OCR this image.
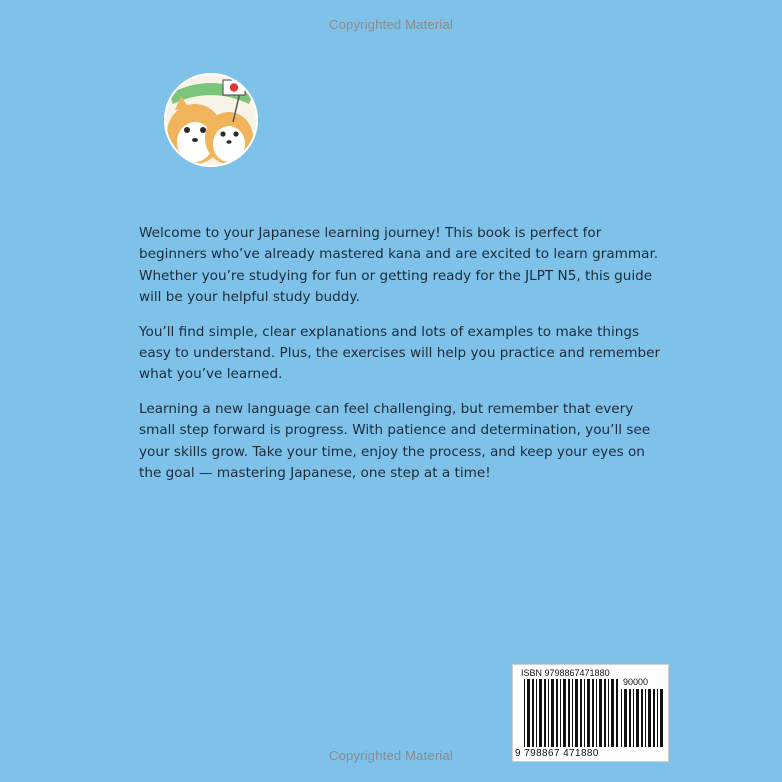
Copyrighted Material

Welcome to your Japanese learning journey! This book is perfect for beginners who’ve already mastered kana and are excited to learn grammar. Whether you’re studying for fun or getting ready for the JLPT N5, this guide will be your helpful study buddy.

You’ll find simple, clear explanations and lots of examples to make things easy to understand. Plus, the exercises will help you practice and remember what you’ve learned.

Learning a new language can feel challenging, but remember that every small step forward is progress. With patience and determination, you’ll see your skills grow. Take your time, enjoy the process, and keep your eyes on the goal — mastering Japanese, one step at a time!

ISBN 9798867471880
90000
9 798867 471880
Copyrighted Material
